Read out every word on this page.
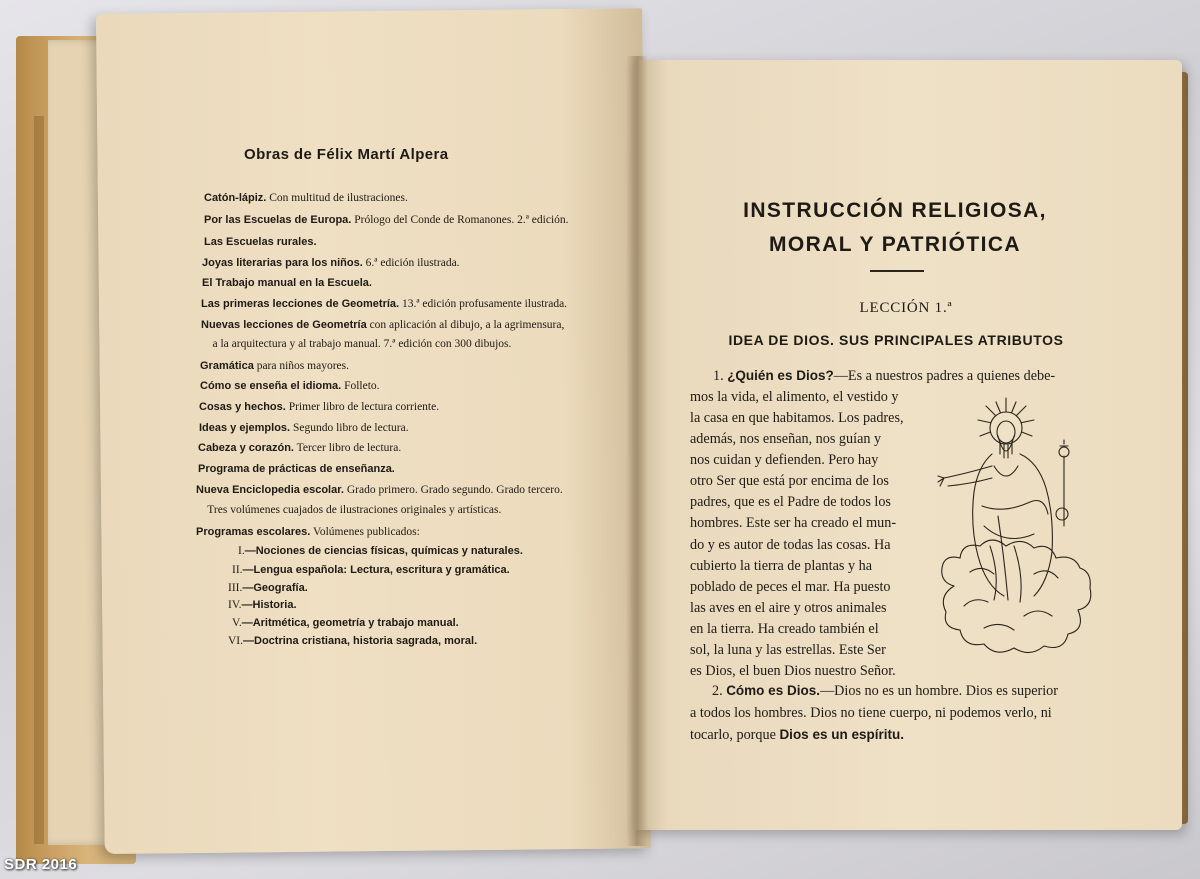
Obras de Félix Martí Alpera
Catón-lápiz. Con multitud de ilustraciones.
Por las Escuelas de Europa. Prólogo del Conde de Romanones. 2.ª edición.
Las Escuelas rurales.
Joyas literarias para los niños. 6.ª edición ilustrada.
El Trabajo manual en la Escuela.
Las primeras lecciones de Geometría. 13.ª edición profusamente ilustrada.
Nuevas lecciones de Geometría con aplicación al dibujo, a la agrimensura,
a la arquitectura y al trabajo manual. 7.ª edición con 300 dibujos.
Gramática para niños mayores.
Cómo se enseña el idioma. Folleto.
Cosas y hechos. Primer libro de lectura corriente.
Ideas y ejemplos. Segundo libro de lectura.
Cabeza y corazón. Tercer libro de lectura.
Programa de prácticas de enseñanza.
Nueva Enciclopedia escolar. Grado primero. Grado segundo. Grado tercero.
Tres volúmenes cuajados de ilustraciones originales y artísticas.
Programas escolares. Volúmenes publicados:
I.—Nociones de ciencias físicas, químicas y naturales.
II.—Lengua española: Lectura, escritura y gramática.
III.—Geografía.
IV.—Historia.
V.—Aritmética, geometría y trabajo manual.
VI.—Doctrina cristiana, historia sagrada, moral.
INSTRUCCIÓN RELIGIOSA,
MORAL Y PATRIÓTICA
LECCIÓN 1.ª
IDEA DE DIOS. SUS PRINCIPALES ATRIBUTOS
1. ¿Quién es Dios?—Es a nuestros padres a quienes debe-
mos la vida, el alimento, el vestido y
la casa en que habitamos. Los padres,
además, nos enseñan, nos guían y
nos cuidan y defienden. Pero hay
otro Ser que está por encima de los
padres, que es el Padre de todos los
hombres. Este ser ha creado el mun-
do y es autor de todas las cosas. Ha
cubierto la tierra de plantas y ha
poblado de peces el mar. Ha puesto
las aves en el aire y otros animales
en la tierra. Ha creado también el
sol, la luna y las estrellas. Este Ser
es Dios, el buen Dios nuestro Señor.
2. Cómo es Dios.—Dios no es un hombre. Dios es superior
a todos los hombres. Dios no tiene cuerpo, ni podemos verlo, ni
tocarlo, porque Dios es un espíritu.
SDR 2016
